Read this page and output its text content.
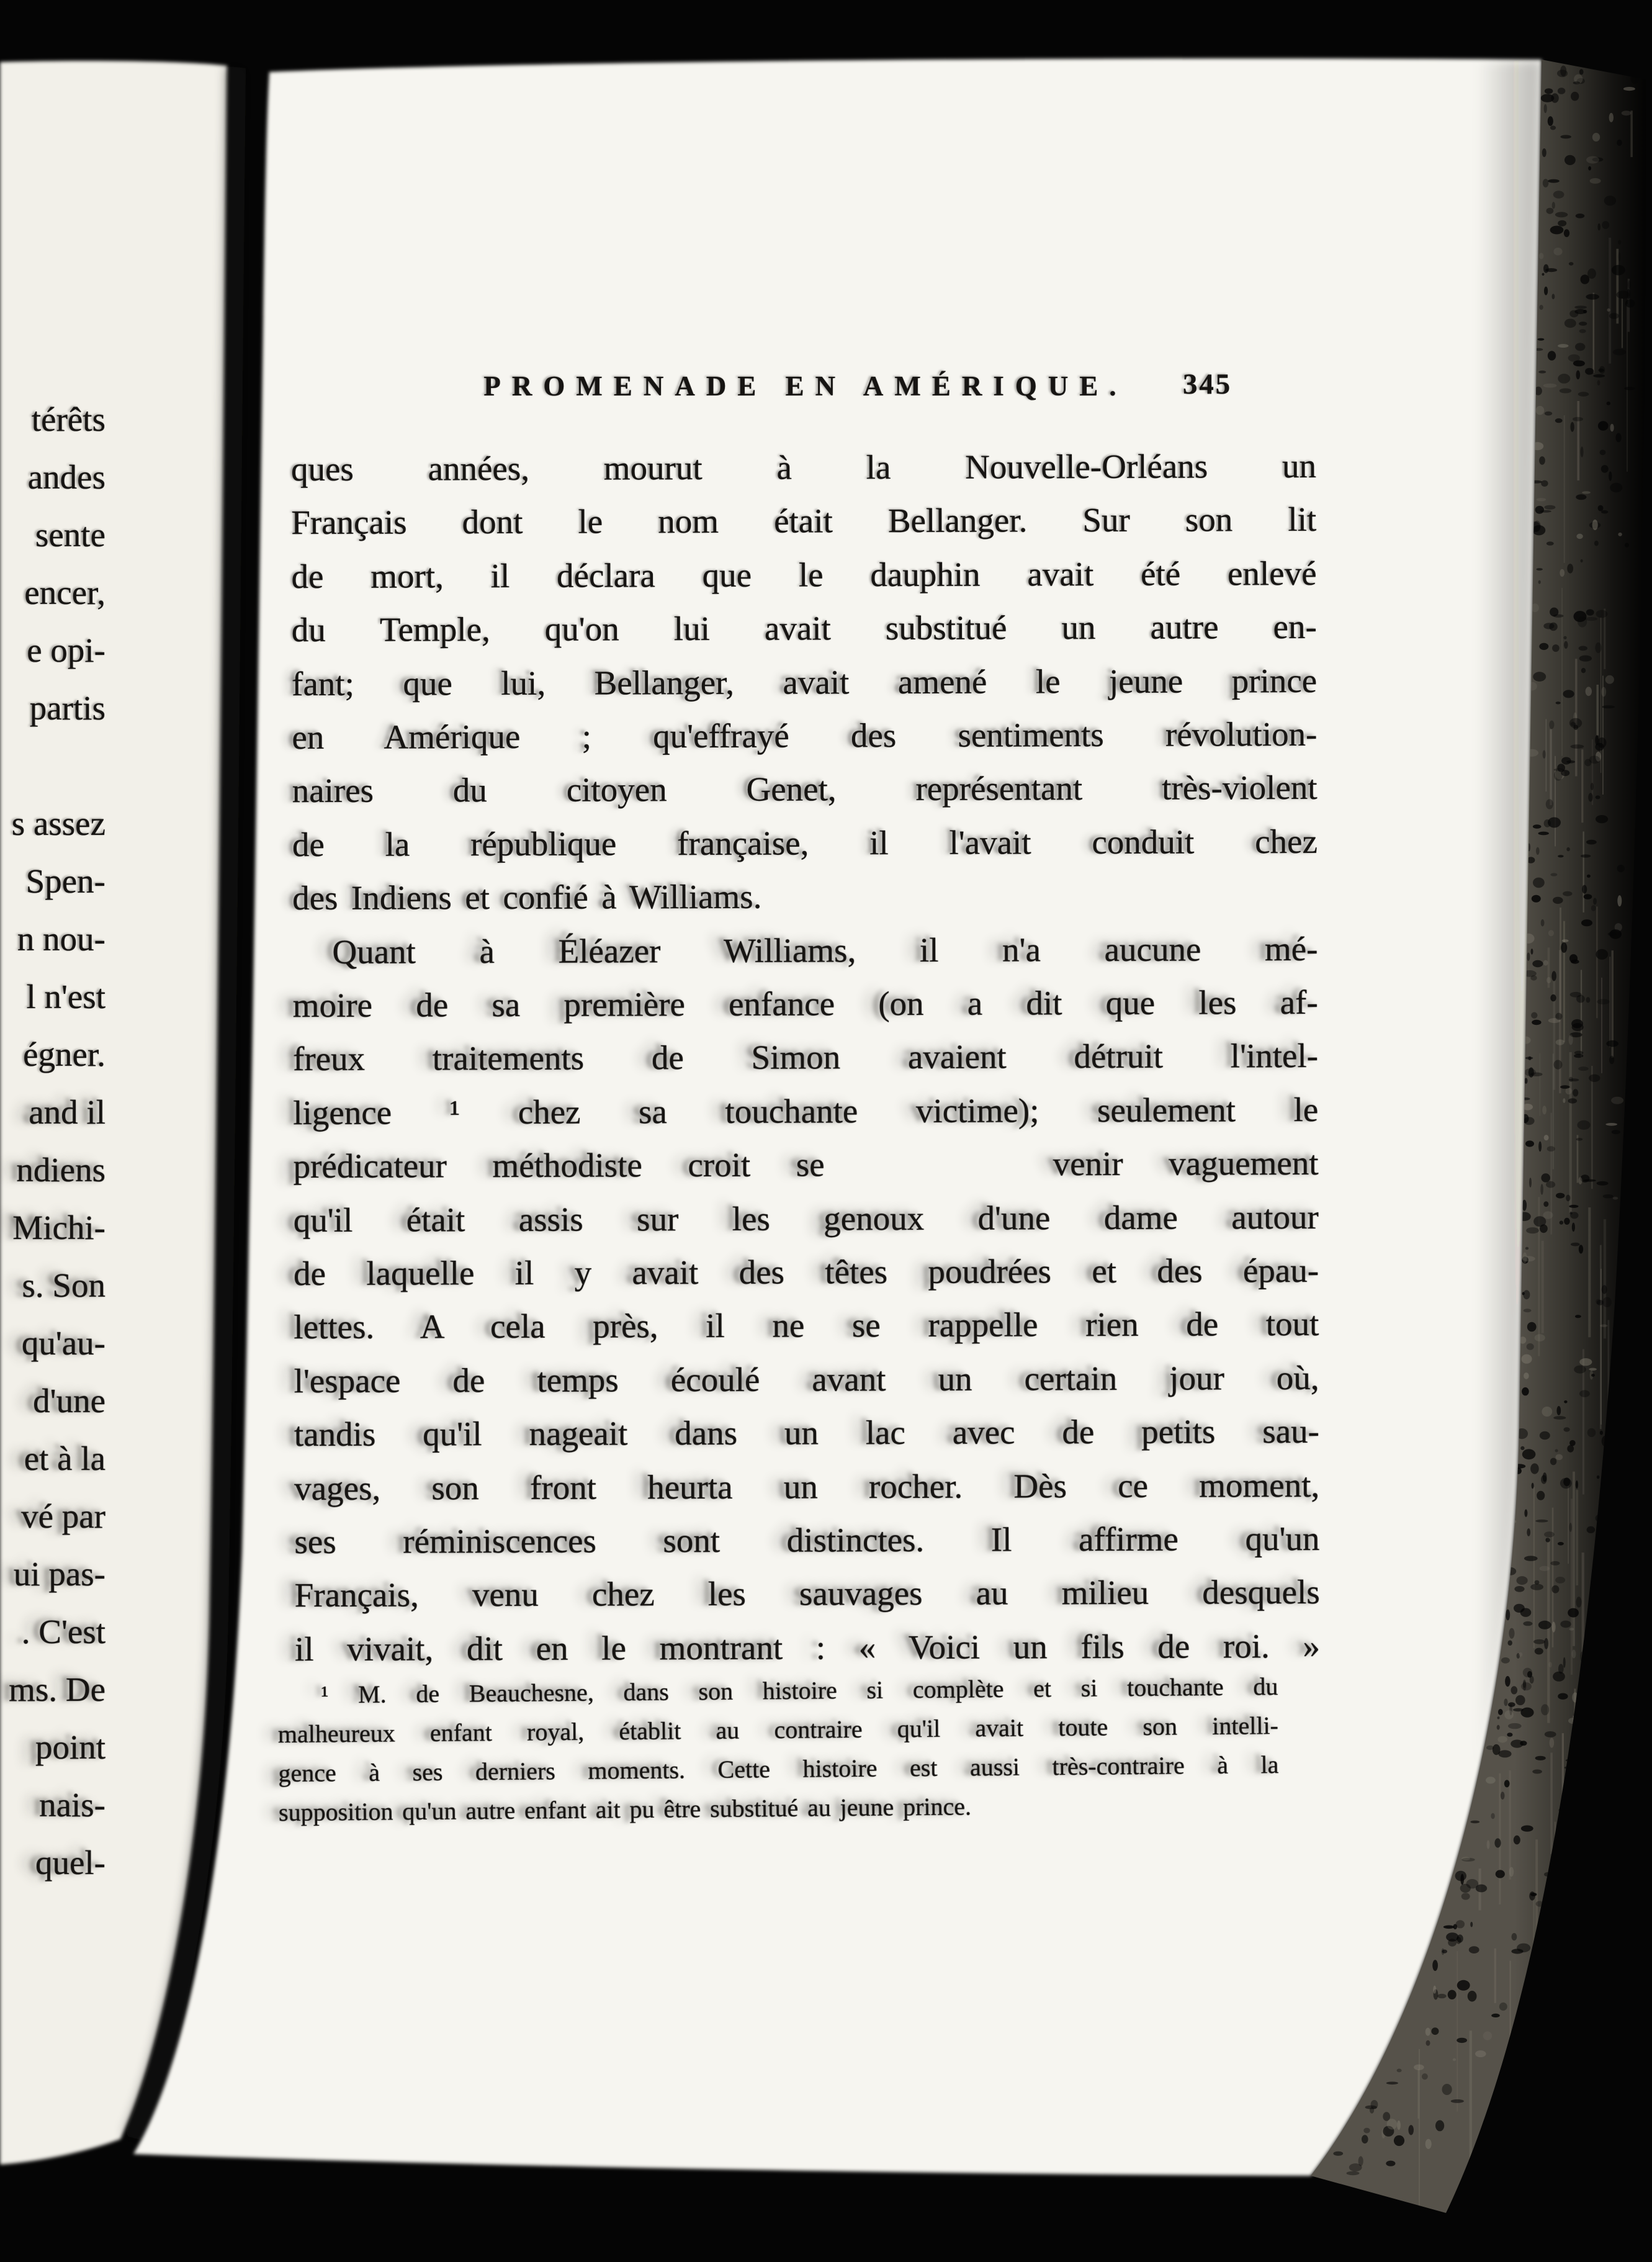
PROMENADE EN AMÉRIQUE.	345
térêts
andes
sente
encer,
e opi-
partis
s assez
Spen-
n nou-
l n'est
égner.
and il
ndiens
Michi-
s. Son
qu'au-
d'une
et à la
vé par
ui pas-
. C'est
ms. De
point
nais-
quel-
ques années, mourut à la Nouvelle-Orléans un
Français dont le nom était Bellanger. Sur son lit
de mort, il déclara que le dauphin avait été enlevé
du Temple, qu'on lui avait substitué un autre en-
fant; que lui, Bellanger, avait amené le jeune prince
en Amérique ; qu'effrayé des sentiments révolution-
naires du citoyen Genet, représentant très-violent
de la république française, il l'avait conduit chez
des Indiens et confié à Williams.
Quant à Éléazer Williams, il n'a aucune mé-
moire de sa première enfance (on a dit que les af-
freux traitements de Simon avaient détruit l'intel-
ligence ¹ chez sa touchante victime); seulement le
prédicateur méthodiste croit se     venir vaguement
qu'il était assis sur les genoux d'une dame autour
de laquelle il y avait des têtes poudrées et des épau-
lettes. A cela près, il ne se rappelle rien de tout
l'espace de temps écoulé avant un certain jour où,
tandis qu'il nageait dans un lac avec de petits sau-
vages, son front heurta un rocher. Dès ce moment,
ses réminiscences sont distinctes. Il affirme qu'un
Français, venu chez les sauvages au milieu desquels
il vivait, dit en le montrant : « Voici un fils de roi. »
¹ M. de Beauchesne, dans son histoire si complète et si touchante du
malheureux enfant royal, établit au contraire qu'il avait toute son intelli-
gence à ses derniers moments. Cette histoire est aussi très-contraire à la
supposition qu'un autre enfant ait pu être substitué au jeune prince.
